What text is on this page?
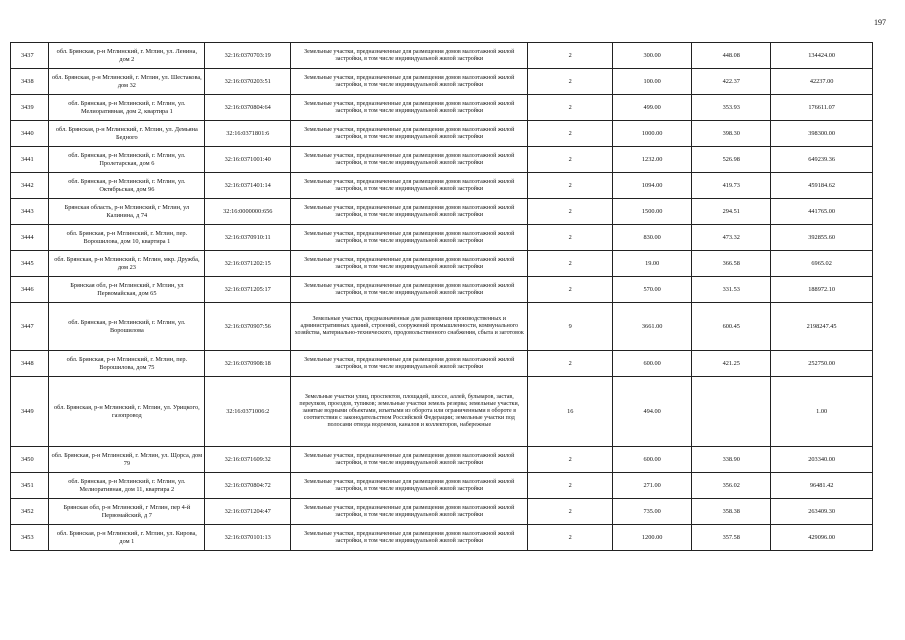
197
3437	обл. Брянская, р-н Мглинский, г. Мглин, ул. Ленина, дом 2	32:16:0370703:19	Земельные участки, предназначенные для размещения домов малоэтажной жилой застройки, в том числе индивидуальной жилой застройки	2	300.00	448.08	134424.00
3438	обл. Брянская, р-н Мглинский, г. Мглин, ул. Шестакова, дом 32	32:16:0370203:51	Земельные участки, предназначенные для размещения домов малоэтажной жилой застройки, в том числе индивидуальной жилой застройки	2	100.00	422.37	42237.00
3439	обл. Брянская, р-н Мглинский, г. Мглин, ул. Мелиоративная, дом 2, квартира 1	32:16:0370804:64	Земельные участки, предназначенные для размещения домов малоэтажной жилой застройки, в том числе индивидуальной жилой застройки	2	499.00	353.93	176611.07
3440	обл. Брянская, р-н Мглинский, г. Мглин, ул. Демьяна Бедного	32:16:0371801:6	Земельные участки, предназначенные для размещения домов малоэтажной жилой застройки, в том числе индивидуальной жилой застройки	2	1000.00	398.30	398300.00
3441	обл. Брянская, р-н Мглинский, г. Мглин, ул. Пролетарская, дом 6	32:16:0371001:40	Земельные участки, предназначенные для размещения домов малоэтажной жилой застройки, в том числе индивидуальной жилой застройки	2	1232.00	526.98	649239.36
3442	обл. Брянская, р-н Мглинский, г. Мглин, ул. Октябрьская, дом 96	32:16:0371401:14	Земельные участки, предназначенные для размещения домов малоэтажной жилой застройки, в том числе индивидуальной жилой застройки	2	1094.00	419.73	459184.62
3443	Брянская область, р-н Мглинский, г Мглин, ул Калинина, д 74	32:16:0000000:656	Земельные участки, предназначенные для размещения домов малоэтажной жилой застройки, в том числе индивидуальной жилой застройки	2	1500.00	294.51	441765.00
3444	обл. Брянская, р-н Мглинский, г. Мглин, пер. Ворошилова, дом 10, квартира 1	32:16:0370910:11	Земельные участки, предназначенные для размещения домов малоэтажной жилой застройки, в том числе индивидуальной жилой застройки	2	830.00	473.32	392855.60
3445	обл. Брянская, р-н Мглинский, г. Мглин, мкр. Дружба, дом 23	32:16:0371202:15	Земельные участки, предназначенные для размещения домов малоэтажной жилой застройки, в том числе индивидуальной жилой застройки	2	19.00	366.58	6965.02
3446	Брянская обл, р-н Мглинский, г Мглин, ул Первомайская, дом 65	32:16:0371205:17	Земельные участки, предназначенные для размещения домов малоэтажной жилой застройки, в том числе индивидуальной жилой застройки	2	570.00	331.53	188972.10
3447	обл. Брянская, р-н Мглинский, г. Мглин, ул. Ворошилова	32:16:0370907:56	Земельные участки, предназначенные для размещения производственных и административных зданий, строений, сооружений промышленности, коммунального хозяйства, материально-технического, продовольственного снабжения, сбыта и заготовок	9	3661.00	600.45	2198247.45
3448	обл. Брянская, р-н Мглинский, г. Мглин, пер. Ворошилова, дом 75	32:16:0370908:18	Земельные участки, предназначенные для размещения домов малоэтажной жилой застройки, в том числе индивидуальной жилой застройки	2	600.00	421.25	252750.00
3449	обл. Брянская, р-н Мглинский, г. Мглин, ул. Урицкого, газопровод	32:16:0371006:2	Земельные участки улиц, проспектов, площадей, шоссе, аллей, бульваров, застав, переулков, проездов, тупиков; земельные участки земель резерва; земельные участки, занятые водными объектами, изъятыми из оборота или ограниченными в обороте в соответствии с законодательством Российской Федерации; земельные участки под полосами отвода водоемов, каналов и коллекторов, набережные	16	494.00		1.00
3450	обл. Брянская, р-н Мглинский, г. Мглин, ул. Щорса, дом 79	32:16:0371609:32	Земельные участки, предназначенные для размещения домов малоэтажной жилой застройки, в том числе индивидуальной жилой застройки	2	600.00	338.90	203340.00
3451	обл. Брянская, р-н Мглинский, г. Мглин, ул. Мелиоративная, дом 11, квартира 2	32:16:0370804:72	Земельные участки, предназначенные для размещения домов малоэтажной жилой застройки, в том числе индивидуальной жилой застройки	2	271.00	356.02	96481.42
3452	Брянская обл, р-н Мглинский, г Мглин, пер 4-й Первомайский, д 7	32:16:0371204:47	Земельные участки, предназначенные для размещения домов малоэтажной жилой застройки, в том числе индивидуальной жилой застройки	2	735.00	358.38	263409.30
3453	обл. Брянская, р-н Мглинский, г. Мглин, ул. Кирова, дом 1	32:16:0370101:13	Земельные участки, предназначенные для размещения домов малоэтажной жилой застройки, в том числе индивидуальной жилой застройки	2	1200.00	357.58	429096.00
